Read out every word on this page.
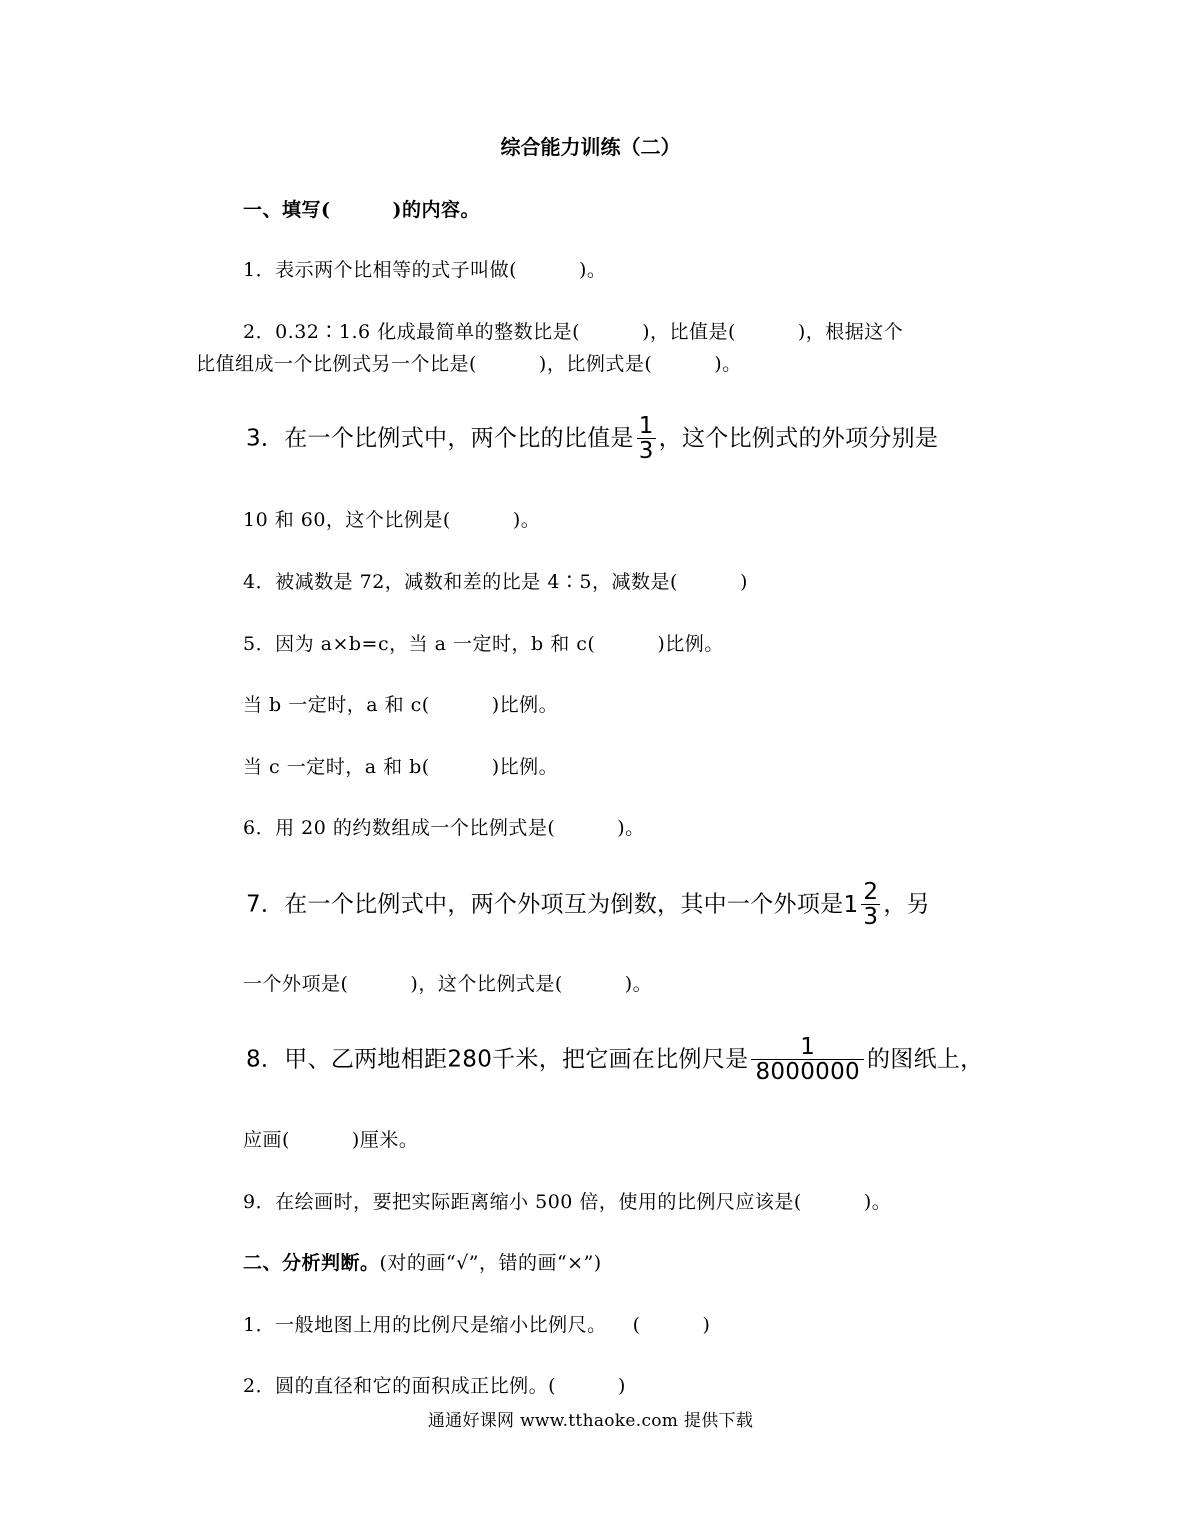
综合能力训练（二）
一、填写(	)的内容。
1．表示两个比相等的式子叫做(	)。
2．0.32∶1.6 化成最简单的整数比是(	)，比值是(	)，根据这个
比值组成一个比例式另一个比是(	)，比例式是(	)。
3．在一个比例式中，两个比的比值是 $\frac{1}{3}$ ，这个比例式的外项分别是
10 和 60，这个比例是(	)。
4．被减数是 72，减数和差的比是 4∶5，减数是(	)
5．因为 a×b=c，当 a 一定时，b 和 c(	)比例。
当 b 一定时，a 和 c(	)比例。
当 c 一定时，a 和 b(	)比例。
6．用 20 的约数组成一个比例式是(	)。
7．在一个比例式中，两个外项互为倒数，其中一个外项是$1 \frac{2}{3}$ ，另
一个外项是(	)，这个比例式是(	)。
8．甲、乙两地相距280千米，把它画在比例尺是 $\frac{1}{8000000}$ 的图纸上，
应画(	)厘米。
9．在绘画时，要把实际距离缩小 500 倍，使用的比例尺应该是(	)。
二、分析判断。(对的画“√”，错的画“×”)
1．一般地图上用的比例尺是缩小比例尺。 (	)
2．圆的直径和它的面积成正比例。(	)
通通好课网 www.tthaoke.com 提供下载
